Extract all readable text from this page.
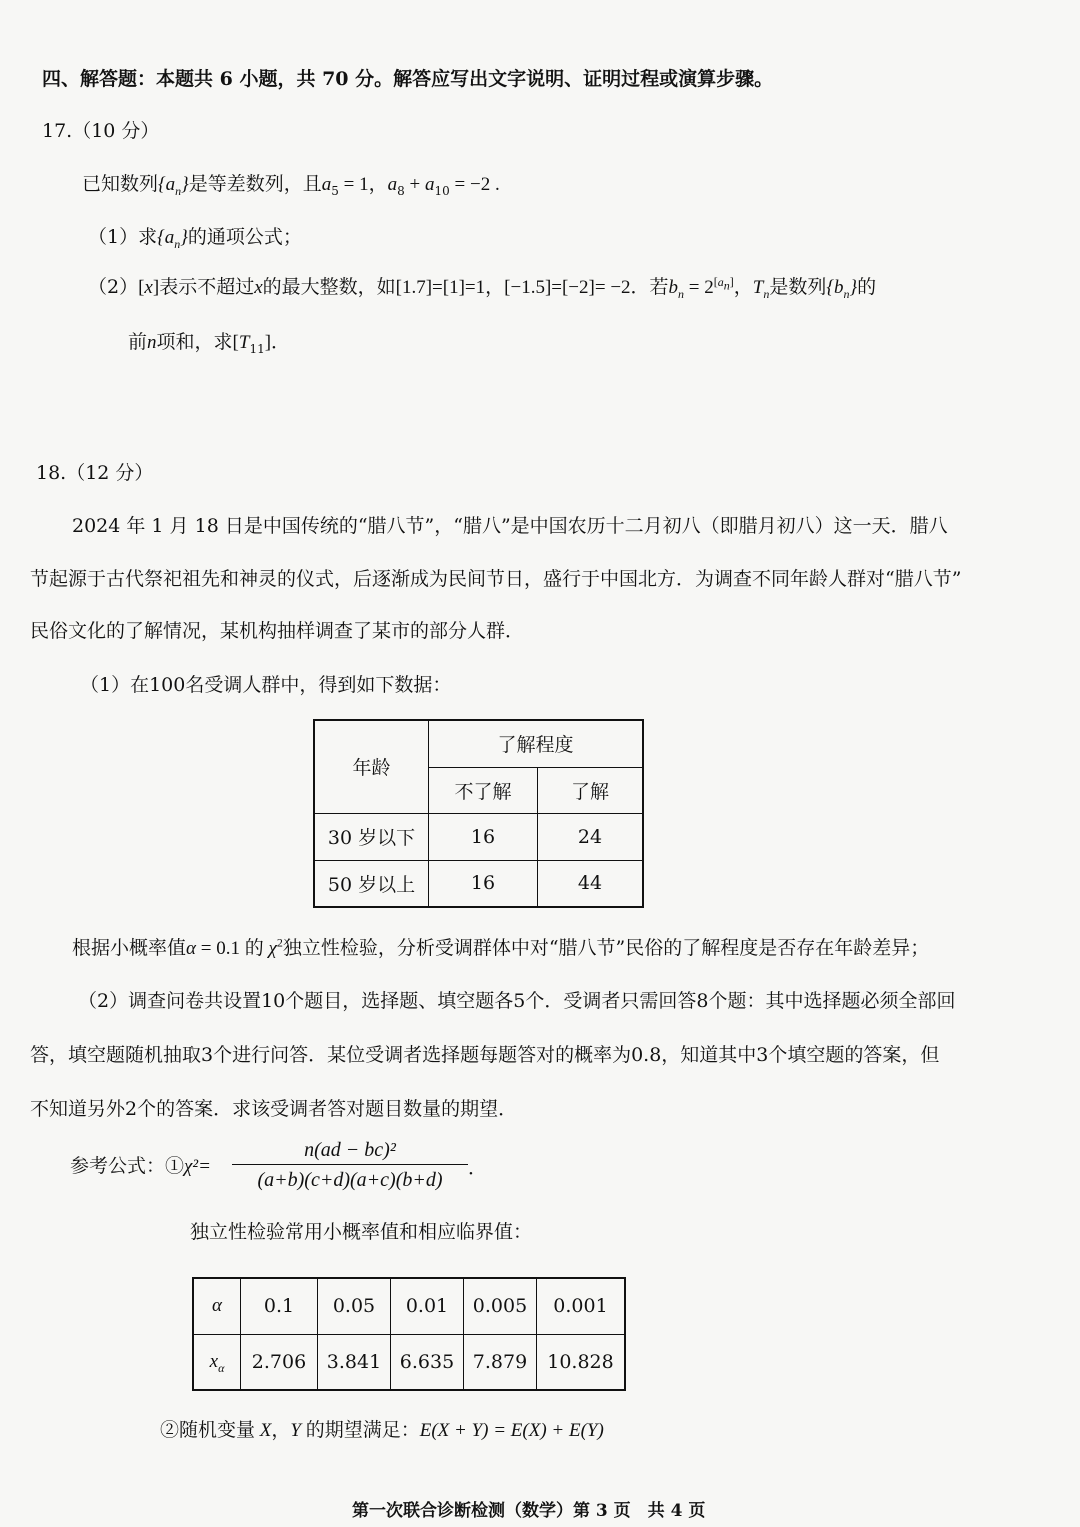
四、解答题：本题共 6 小题，共 70 分。解答应写出文字说明、证明过程或演算步骤。
17.（10 分）
已知数列$\{a_n\}$是等差数列，且$a_5 = 1$，$a_8 + a_{10} = -2$ .
（1）求$\{a_n\}$的通项公式；
（2）[x]表示不超过x的最大整数，如[1.7]=[1]=1，[−1.5]=[−2]= −2．若$b_n = 2[an]$，$T_n$是数列$\{b_n\}$的
前n项和，求$[T_{11}]$．
18.（12 分）
2024 年 1 月 18 日是中国传统的“腊八节”，“腊八”是中国农历十二月初八（即腊月初八）这一天．腊八
节起源于古代祭祀祖先和神灵的仪式，后逐渐成为民间节日，盛行于中国北方．为调查不同年龄人群对“腊八节”
民俗文化的了解情况，某机构抽样调查了某市的部分人群．
（1）在100名受调人群中，得到如下数据：
年龄	了解程度	
	不了解	了解
30 岁以下	16	24
50 岁以上	16	44
根据小概率值α = 0.1 的 $\chi^2$独立性检验，分析受调群体中对“腊八节”民俗的了解程度是否存在年龄差异；
（2）调查问卷共设置10个题目，选择题、填空题各5个．受调者只需回答8个题：其中选择题必须全部回
答，填空题随机抽取3个进行问答．某位受调者选择题每题答对的概率为0.8，知道其中3个填空题的答案，但
不知道另外2个的答案．求该受调者答对题目数量的期望．
参考公式：①χ²= $\frac{\text{n(ad − bc)²}}{(a+b)(c+d)(a+c)(b+d)}$ ．
独立性检验常用小概率值和相应临界值：
α	0.1	0.05	0.01	0.005	0.001
$x_\alpha$	2.706	3.841	6.635	7.879	10.828
②随机变量 X，Y 的期望满足：E(X + Y) = E(X) + E(Y)
第一次联合诊断检测（数学）第 3 页　共 4 页
